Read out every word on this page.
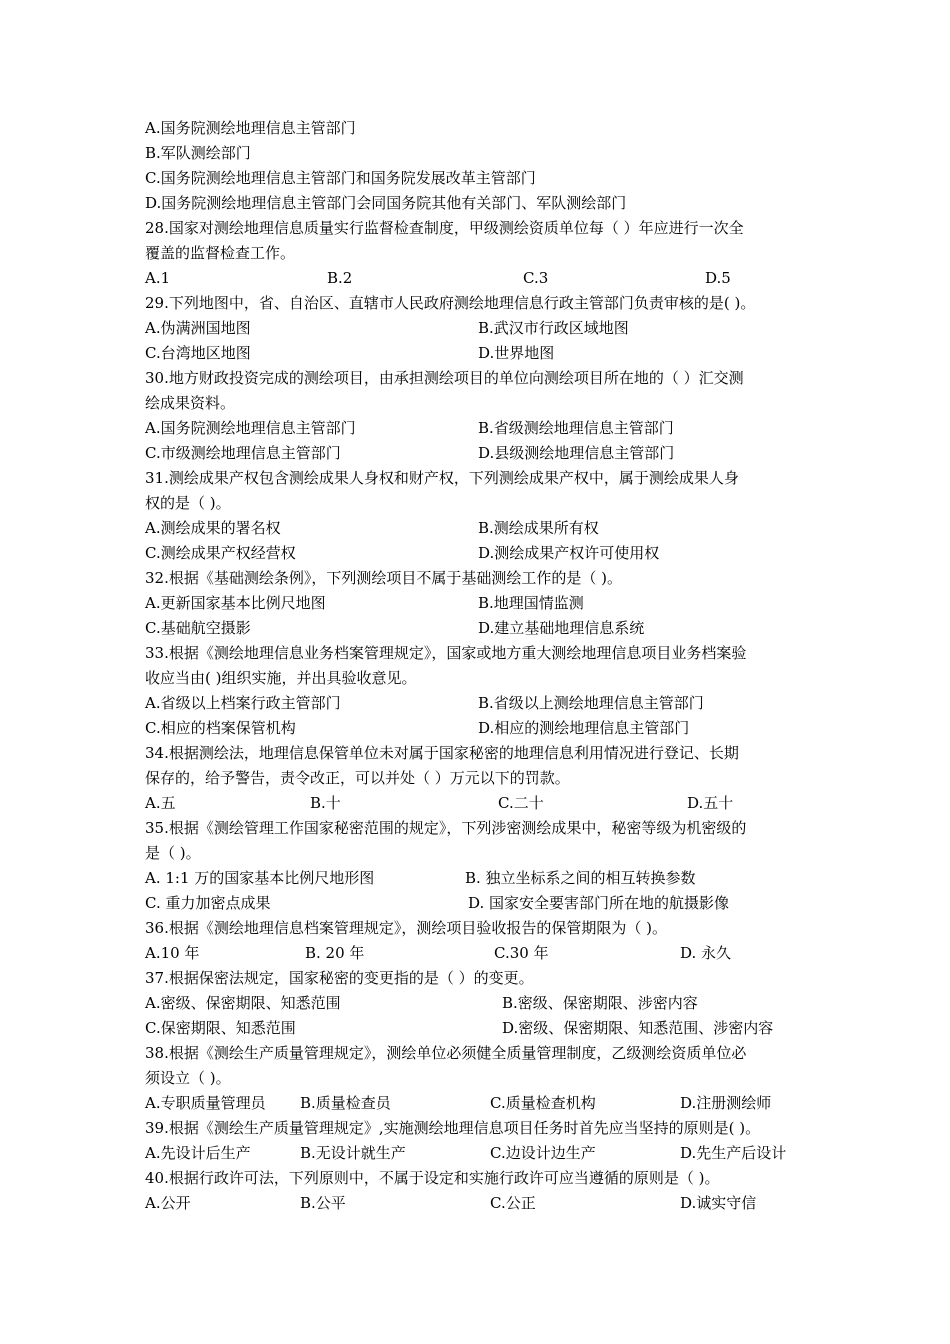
A.国务院测绘地理信息主管部门
B.军队测绘部门
C.国务院测绘地理信息主管部门和国务院发展改革主管部门
D.国务院测绘地理信息主管部门会同国务院其他有关部门、军队测绘部门
28.国家对测绘地理信息质量实行监督检查制度，甲级测绘资质单位每（ ）年应进行一次全
覆盖的监督检查工作。
A.1	B.2	C.3	D.5
29.下列地图中，省、自治区、直辖市人民政府测绘地理信息行政主管部门负责审核的是( )。
A.伪满洲国地图	B.武汉市行政区域地图
C.台湾地区地图	D.世界地图
30.地方财政投资完成的测绘项目，由承担测绘项目的单位向测绘项目所在地的（ ）汇交测
绘成果资料。
A.国务院测绘地理信息主管部门	B.省级测绘地理信息主管部门
C.市级测绘地理信息主管部门	D.县级测绘地理信息主管部门
31.测绘成果产权包含测绘成果人身权和财产权，下列测绘成果产权中，属于测绘成果人身
权的是（ )。
A.测绘成果的署名权	B.测绘成果所有权
C.测绘成果产权经营权	D.测绘成果产权许可使用权
32.根据《基础测绘条例》，下列测绘项目不属于基础测绘工作的是（ )。
A.更新国家基本比例尺地图	B.地理国情监测
C.基础航空摄影	D.建立基础地理信息系统
33.根据《测绘地理信息业务档案管理规定》，国家或地方重大测绘地理信息项目业务档案验
收应当由( )组织实施，并出具验收意见。
A.省级以上档案行政主管部门	B.省级以上测绘地理信息主管部门
C.相应的档案保管机构	D.相应的测绘地理信息主管部门
34.根据测绘法，地理信息保管单位未对属于国家秘密的地理信息利用情况进行登记、长期
保存的，给予警告，责令改正，可以并处（ ）万元以下的罚款。
A.五	B.十	C.二十	D.五十
35.根据《测绘管理工作国家秘密范围的规定》，下列涉密测绘成果中，秘密等级为机密级的
是（ )。
A. 1:1 万的国家基本比例尺地形图	B. 独立坐标系之间的相互转换参数
C. 重力加密点成果	D. 国家安全要害部门所在地的航摄影像
36.根据《测绘地理信息档案管理规定》，测绘项目验收报告的保管期限为（ )。
A.10 年	B. 20 年	C.30 年	D. 永久
37.根据保密法规定，国家秘密的变更指的是（ ）的变更。
A.密级、保密期限、知悉范围	B.密级、保密期限、涉密内容
C.保密期限、知悉范围	D.密级、保密期限、知悉范围、涉密内容
38.根据《测绘生产质量管理规定》，测绘单位必须健全质量管理制度，乙级测绘资质单位必
须设立（ )。
A.专职质量管理员 B.质量检查员	C.质量检查机构	D.注册测绘师
39.根据《测绘生产质量管理规定》,实施测绘地理信息项目任务时首先应当坚持的原则是( )。
A.先设计后生产	B.无设计就生产	C.边设计边生产	D.先生产后设计
40.根据行政许可法，下列原则中，不属于设定和实施行政许可应当遵循的原则是（ )。
A.公开	B.公平	C.公正	D.诚实守信
